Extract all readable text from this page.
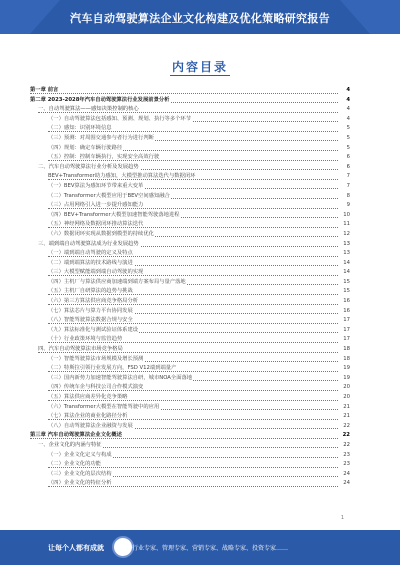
汽车自动驾驶算法企业文化构建及优化策略研究报告
内容目录
第一章 前言	4
第二章 2023-2028年汽车自动驾驶算法行业发展前景分析	4
一、自动驾驶算法——感知决策控制的核心	4
（一）自动驾驶算法包括感知、预测、规划、执行等多个环节	4
（二）感知：识别环境信息	5
（三）预测：对周围交通参与者行为进行判断	5
（四）规划：确定车辆行驶路径	5
（五）控制：控制车辆执行，实现安全高效行驶	6
二、汽车自动驾驶算法行业分析及发展趋势	6
BEV+Transformer助力感知，大模型推动算法迭代与数据闭环	7
（一）BEV算法为感知环节带来重大变革	7
（二）Transformer大模型应用于BEV空间感知融合	8
（三）占用网络引入进一步提升感知能力	9
（四）BEV+Transformer大模型加速智能驾驶落地进程	10
（五）神经网络及数据闭环推动算法迭代	11
（六）数据闭环实现从数据到模型的持续优化	12
三、端到端自动驾驶算法成为行业发展趋势	13
（一）端到端自动驾驶的定义及特点	13
（二）端到端算法的技术路线与演进	14
（三）大模型赋能端到端自动驾驶的实现	14
（四）主机厂与算法供应商加速端到端方案布局与量产落地	15
（五）主机厂自研算法的趋势与挑战	15
（六）第三方算法供应商竞争格局分析	16
（七）算法芯片与算力平台协同发展	16
（八）智能驾驶算法数据合规与安全	17
（九）算法标准化与测试验证体系建设	17
（十）行业政策环境与监管趋势	17
四、汽车自动驾驶算法市场竞争格局	18
（一）智能驾驶算法市场规模及增长预测	18
（二）特斯拉引领行业发展方向，FSD V12端到端量产	19
（三）国内新势力加速智能驾驶算法自研，城市NOA全面落地	19
（四）传统车企与科技公司合作模式演变	20
（五）算法供应商差异化竞争策略	20
（六）Transformer大模型在智能驾驶中的应用	21
（七）算法企业的商业化路径分析	21
（八）自动驾驶算法企业融资与发展	22
第三章 汽车自动驾驶算法企业文化概述	22
一、企业文化的内涵与特征	22
（一）企业文化定义与构成	23
（二）企业文化的功能	23
（三）企业文化的层次结构	24
（四）企业文化的特征分析	24
1
让每个人都有成就	行业专家、管理专家、营销专家、战略专家、投资专家……
